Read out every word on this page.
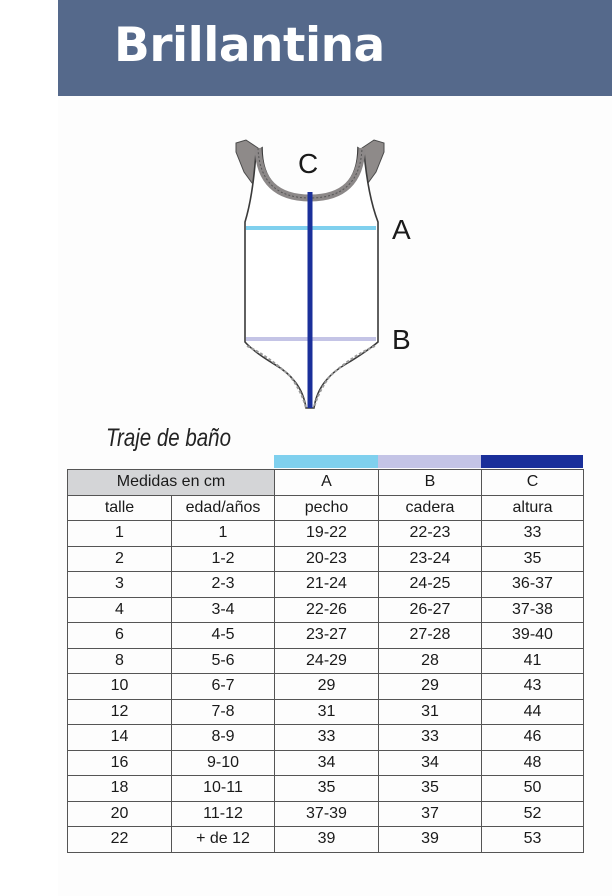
Brillantina
C
A
B
Traje de baño
Medidas en cm		A	B	C
talle	edad/años	pecho	cadera	altura
1	1	19-22	22-23	33
2	1-2	20-23	23-24	35
3	2-3	21-24	24-25	36-37
4	3-4	22-26	26-27	37-38
6	4-5	23-27	27-28	39-40
8	5-6	24-29	28	41
10	6-7	29	29	43
12	7-8	31	31	44
14	8-9	33	33	46
16	9-10	34	34	48
18	10-11	35	35	50
20	11-12	37-39	37	52
22	+ de 12	39	39	53
